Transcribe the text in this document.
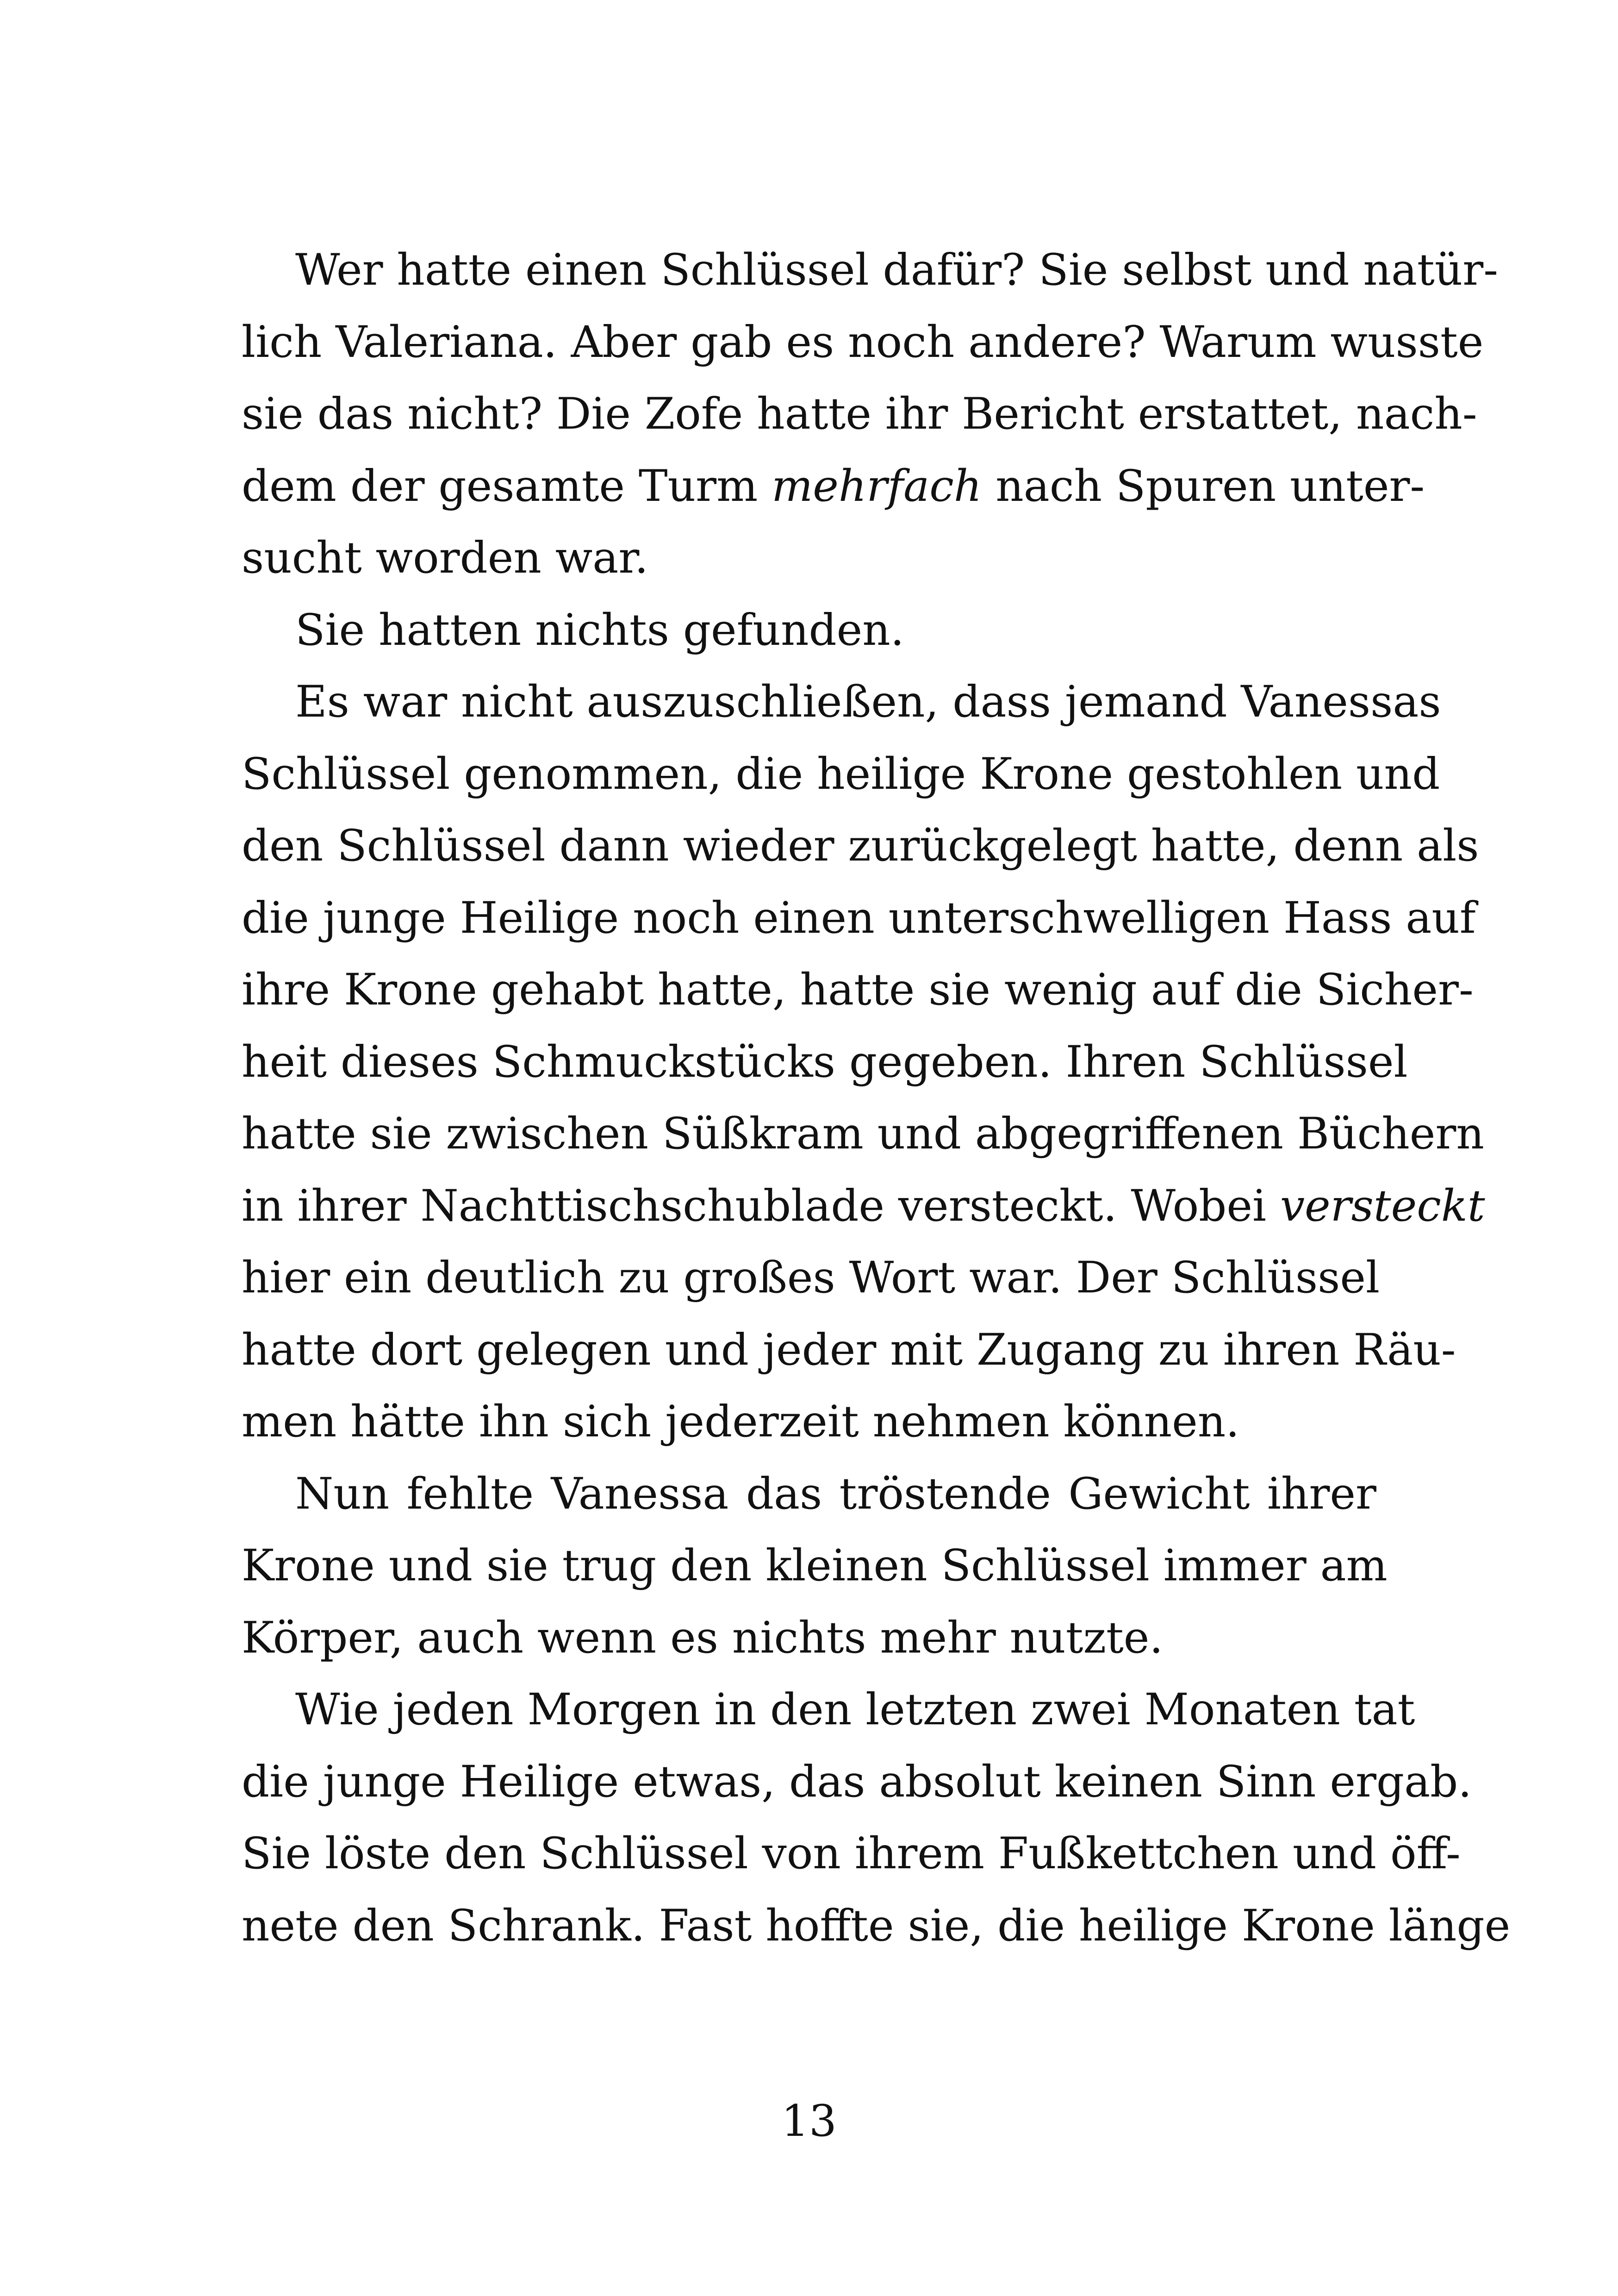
Wer hatte einen Schlüssel dafür? Sie selbst und natür-
lich Valeriana. Aber gab es noch andere? Warum wusste
sie das nicht? Die Zofe hatte ihr Bericht erstattet, nach-
dem der gesamte Turm mehrfach nach Spuren unter-
sucht worden war.
Sie hatten nichts gefunden.
Es war nicht auszuschließen, dass jemand Vanessas
Schlüssel genommen, die heilige Krone gestohlen und
den Schlüssel dann wieder zurückgelegt hatte, denn als
die junge Heilige noch einen unterschwelligen Hass auf
ihre Krone gehabt hatte, hatte sie wenig auf die Sicher-
heit dieses Schmuckstücks gegeben. Ihren Schlüssel
hatte sie zwischen Süßkram und abgegriffenen Büchern
in ihrer Nachttischschublade versteckt. Wobei versteckt
hier ein deutlich zu großes Wort war. Der Schlüssel
hatte dort gelegen und jeder mit Zugang zu ihren Räu-
men hätte ihn sich jederzeit nehmen können.
Nun fehlte Vanessa das tröstende Gewicht ihrer
Krone und sie trug den kleinen Schlüssel immer am
Körper, auch wenn es nichts mehr nutzte.
Wie jeden Morgen in den letzten zwei Monaten tat
die junge Heilige etwas, das absolut keinen Sinn ergab.
Sie löste den Schlüssel von ihrem Fußkettchen und öff-
nete den Schrank. Fast hoffte sie, die heilige Krone länge
13
